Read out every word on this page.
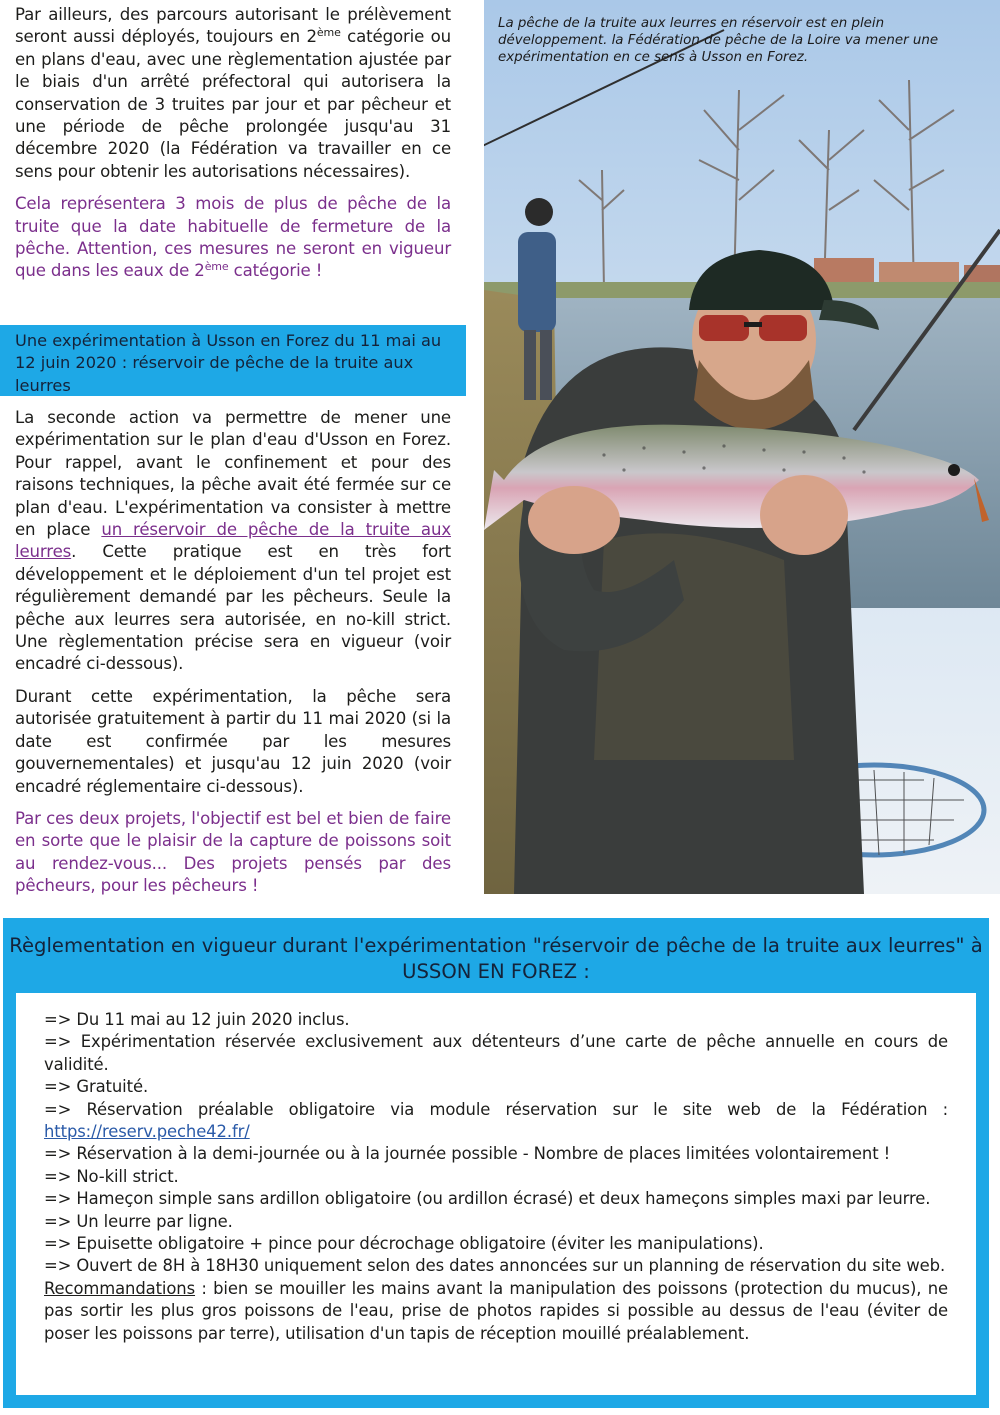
Par ailleurs, des parcours autorisant le prélèvement seront aussi déployés, toujours en 2ème catégorie ou en plans d'eau, avec une règlementation ajustée par le biais d'un arrêté préfectoral qui autorisera la conservation de 3 truites par jour et par pêcheur et une période de pêche prolongée jusqu'au 31 décembre 2020 (la Fédération va travailler en ce sens pour obtenir les autorisations nécessaires).

Cela représentera 3 mois de plus de pêche de la truite que la date habituelle de fermeture de la pêche. Attention, ces mesures ne seront en vigueur que dans les eaux de 2ème catégorie !

Une expérimentation à Usson en Forez du 11 mai au 12 juin 2020 : réservoir de pêche de la truite aux leurres

La seconde action va permettre de mener une expérimentation sur le plan d'eau d'Usson en Forez. Pour rappel, avant le confinement et pour des raisons techniques, la pêche avait été fermée sur ce plan d'eau. L'expérimentation va consister à mettre en place un réservoir de pêche de la truite aux leurres. Cette pratique est en très fort développement et le déploiement d'un tel projet est régulièrement demandé par les pêcheurs. Seule la pêche aux leurres sera autorisée, en no-kill strict. Une règlementation précise sera en vigueur (voir encadré ci-dessous).

Durant cette expérimentation, la pêche sera autorisée gratuitement à partir du 11 mai 2020 (si la date est confirmée par les mesures gouvernementales) et jusqu'au 12 juin 2020 (voir encadré réglementaire ci-dessous).

Par ces deux projets, l'objectif est bel et bien de faire en sorte que le plaisir de la capture de poissons soit au rendez-vous... Des projets pensés par des pêcheurs, pour les pêcheurs !

La pêche de la truite aux leurres en réservoir est en plein développement. la Fédération de pêche de la Loire va mener une expérimentation en ce sens à Usson en Forez.
Règlementation en vigueur durant l'expérimentation "réservoir de pêche de la truite aux leurres" à USSON EN FOREZ :

=> Du 11 mai au 12 juin 2020 inclus.

=> Expérimentation réservée exclusivement aux détenteurs d’une carte de pêche annuelle en cours de validité.

=> Gratuité.

=> Réservation préalable obligatoire via module réservation sur le site web de la Fédération : https://reserv.peche42.fr/

=> Réservation à la demi-journée ou à la journée possible - Nombre de places limitées volontairement !

=> No-kill strict.

=> Hameçon simple sans ardillon obligatoire (ou ardillon écrasé) et deux hameçons simples maxi par leurre.

=> Un leurre par ligne.

=> Epuisette obligatoire + pince pour décrochage obligatoire (éviter les manipulations).

=> Ouvert de 8H à 18H30 uniquement selon des dates annoncées sur un planning de réservation du site web.

Recommandations : bien se mouiller les mains avant la manipulation des poissons (protection du mucus), ne pas sortir les plus gros poissons de l'eau, prise de photos rapides si possible au dessus de l'eau (éviter de poser les poissons par terre), utilisation d'un tapis de réception mouillé préalablement.
